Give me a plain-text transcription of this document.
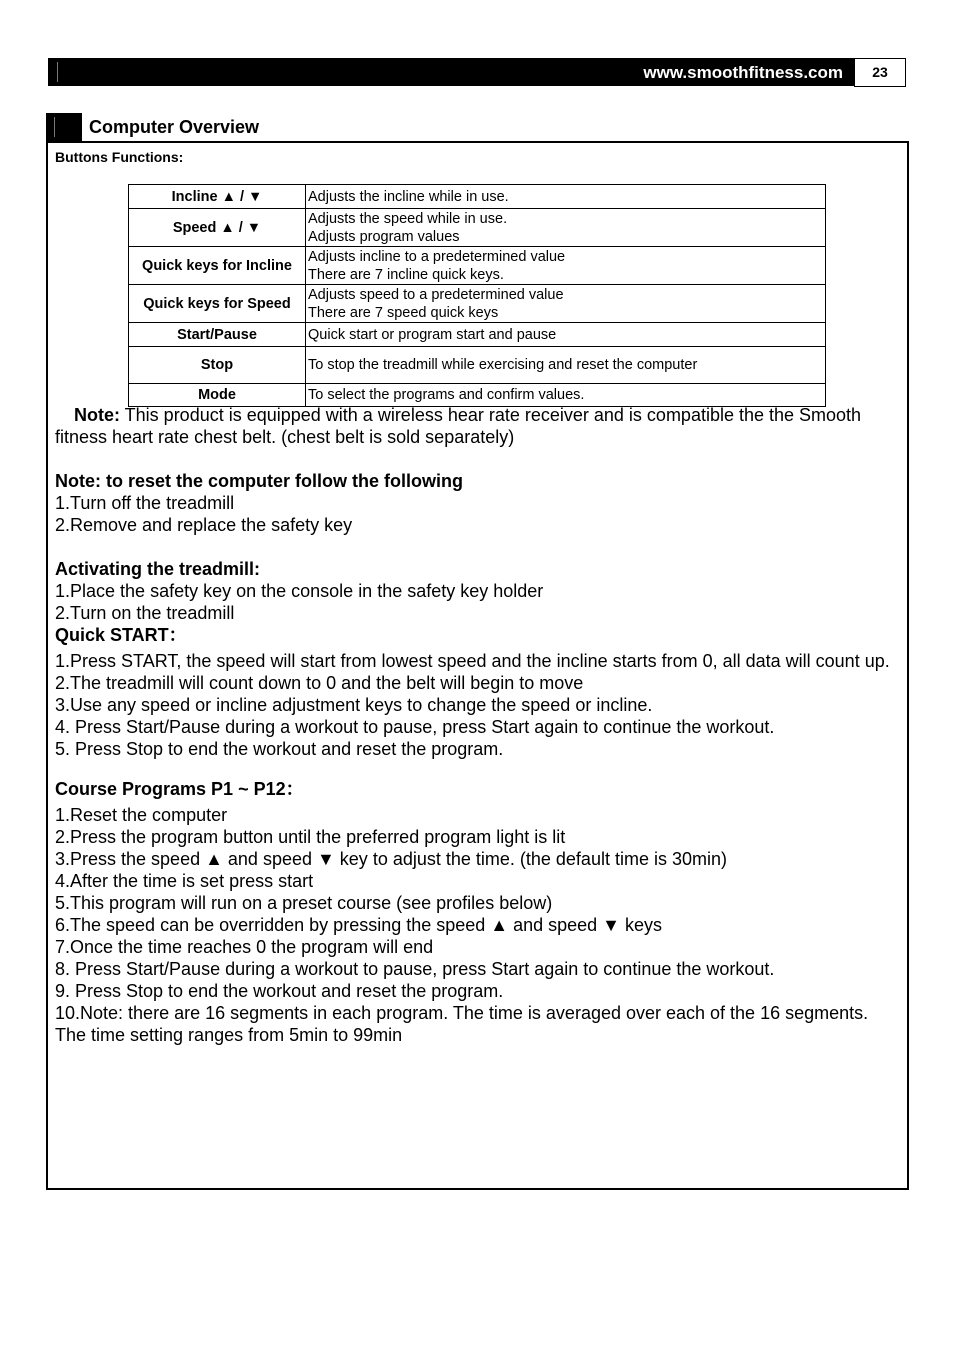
www.smoothfitness.com	23
Computer Overview
Buttons Functions:
Incline ▲ / ▼	Adjusts the incline while in use.
Speed ▲ / ▼	Adjusts the speed while in use.
Adjusts program values
Quick keys for Incline	Adjusts incline to a predetermined value
There are 7 incline quick keys.
Quick keys for Speed	Adjusts speed to a predetermined value
There are 7 speed quick keys
Start/Pause	Quick start or program start and pause
Stop	To stop the treadmill while exercising and reset the computer
Mode	To select the programs and confirm values.

Note: This product is equipped with a wireless hear rate receiver and is compatible the the Smooth fitness heart rate chest belt. (chest belt is sold separately)

Note: to reset the computer follow the following

1.Turn off the treadmill

2.Remove and replace the safety key

Activating the treadmill:

1.Place the safety key on the console in the safety key holder

2.Turn on the treadmill

Quick START：

1.Press START, the speed will start from lowest speed and the incline starts from 0, all data will count up.

2.The treadmill will count down to 0 and the belt will begin to move

3.Use any speed or incline adjustment keys to change the speed or incline.

4. Press Start/Pause during a workout to pause, press Start again to continue the workout.

5. Press Stop to end the workout and reset the program.

Course Programs P1 ~ P12：

1.Reset the computer

2.Press the program button until the preferred program light is lit

3.Press the speed ▲ and speed ▼ key to adjust the time. (the default time is 30min)

4.After the time is set press start

5.This program will run on a preset course (see profiles below)

6.The speed can be overridden by pressing the speed ▲ and speed ▼ keys

7.Once the time reaches 0 the program will end

8. Press Start/Pause during a workout to pause, press Start again to continue the workout.

9. Press Stop to end the workout and reset the program.

10.Note: there are 16 segments in each program. The time is averaged over each of the 16 segments. The time setting ranges from 5min to 99min
